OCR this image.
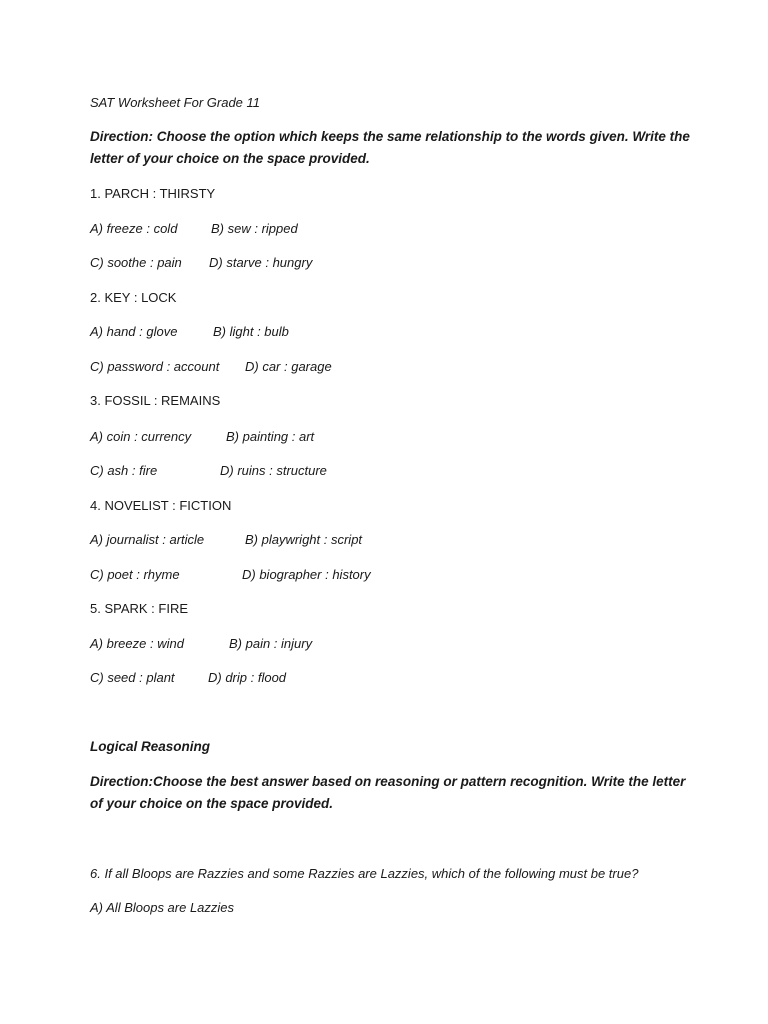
SAT Worksheet For Grade 11
Direction: Choose the option which keeps the same relationship to the words given. Write the letter of your choice on the space provided.
1. PARCH : THIRSTY
A) freeze : cold	B) sew : ripped
C) soothe : pain D) starve : hungry
2. KEY : LOCK
A) hand : glove	B) light : bulb
C) password : account D) car : garage
3. FOSSIL : REMAINS
A) coin : currency	B) painting : art
C) ash : fire	D) ruins : structure
4. NOVELIST : FICTION
A) journalist : article	B) playwright : script
C) poet : rhyme	D) biographer : history
5. SPARK : FIRE
A) breeze : wind	B) pain : injury
C) seed : plant	D) drip : flood
Logical Reasoning
Direction:Choose the best answer based on reasoning or pattern recognition. Write the letter of your choice on the space provided.
6. If all Bloops are Razzies and some Razzies are Lazzies, which of the following must be true?
A) All Bloops are Lazzies
